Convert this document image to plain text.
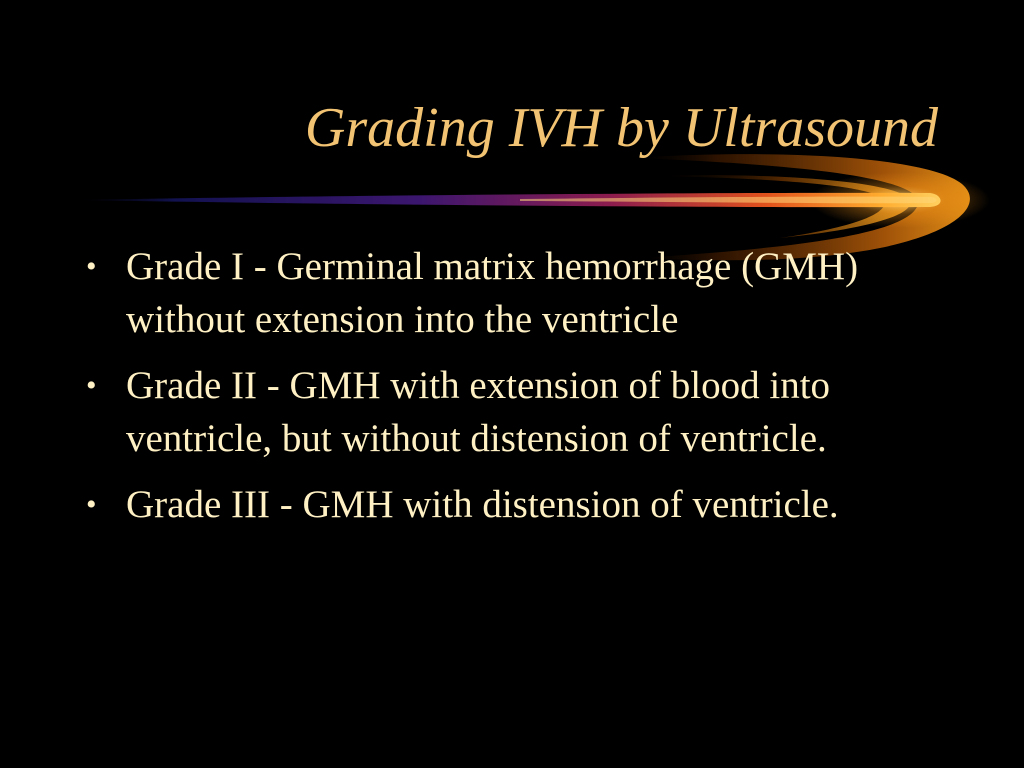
Grading IVH by Ultrasound
• Grade I - Germinal matrix hemorrhage (GMH) without extension into the ventricle
• Grade II - GMH with extension of blood into ventricle, but without distension of ventricle.
• Grade III - GMH with distension of ventricle.
